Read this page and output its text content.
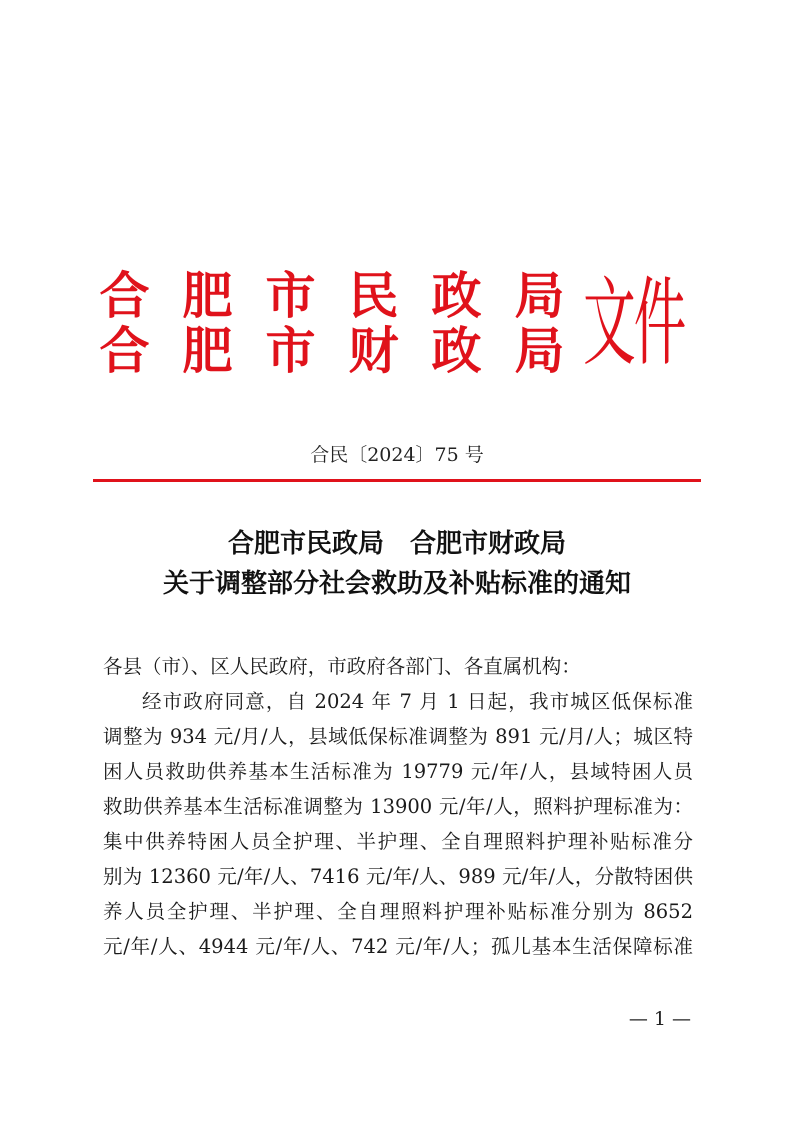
合 肥 市 民 政 局
合 肥 市 财 政 局 文件
合民〔2024〕75 号
合肥市民政局 合肥市财政局
关于调整部分社会救助及补贴标准的通知

各县（市）、区人民政府，市政府各部门、各直属机构：

经市政府同意，自 2024 年 7 月 1 日起，我市城区低保标准

调整为 934 元/月/人，县域低保标准调整为 891 元/月/人；城区特

困人员救助供养基本生活标准为 19779 元/年/人，县域特困人员

救助供养基本生活标准调整为 13900 元/年/人，照料护理标准为：

集中供养特困人员全护理、半护理、全自理照料护理补贴标准分

别为 12360 元/年/人、7416 元/年/人、989 元/年/人，分散特困供

养人员全护理、半护理、全自理照料护理补贴标准分别为 8652

元/年/人、4944 元/年/人、742 元/年/人；孤儿基本生活保障标准

— 1 —
